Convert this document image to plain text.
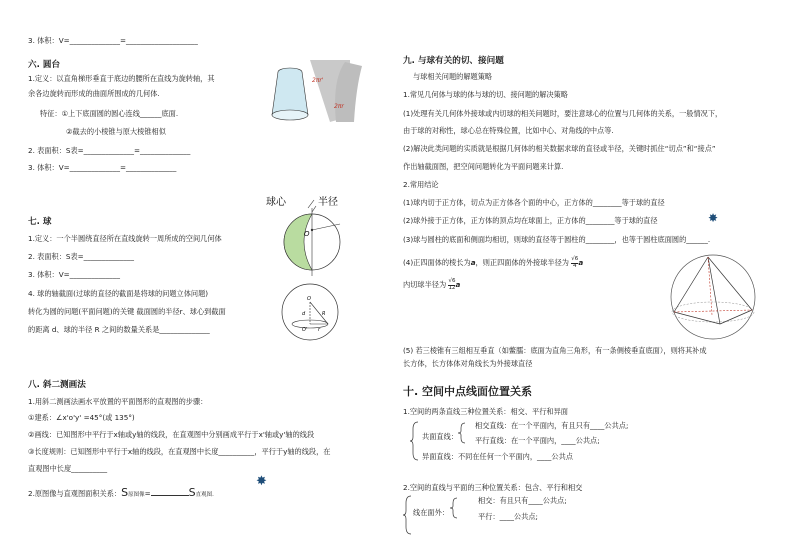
3. 体积：V=______________=____________________
六. 圆台
1.定义：以直角梯形垂直于底边的腰所在直线为旋转轴，其
余各边旋转而形成的曲面所围成的几何体.
特征：①上下底面圆的圆心连线______底面.
②截去的小棱锥与原大棱锥相似
2. 表面积：S表=______________=______________
3. 体积：V=______________=______________
2πr'
2πr
七. 球
1.定义：一个半圆绕直径所在直线旋转一周所成的空间几何体
2. 表面积：S表=______________
3. 体积：V=______________
4. 球的轴截面(过球的直径的截面是将球的问题立体问题)
转化为圆的问题(平面问题)的关键 截面圆的半径r、球心到截面
的距离 d、球的半径 R 之间的数量关系是______________
球心	半径
O
O
d	R
r
O'
八. 斜二测画法
1.用斜二测画法画水平放置的平面图形的直观图的步骤：
①建系：∠x'o'y' =45°(或 135°)
②画线：已知图形中平行于x轴或y轴的线段，在直观图中分别画成平行于x'轴或y'轴的线段
③长度规则：已知图形中平行于x轴的线段，在直观图中长度__________，平行于y轴的线段，在
直观图中长度__________
2.原图像与直观图面积关系：S原图像=	S直观图.
✸
九. 与球有关的切、接问题
与球相关问题的解题策略
1.常见几何体与球的体与球的切、接问题的解决策略
(1)处理有关几何体外接球或内切球的相关问题时，要注意球心的位置与几何体的关系，一般情况下，
由于球的对称性，球心总在特殊位置，比如中心、对角线的中点等.
(2)解决此类问题的实质就是根据几何体的相关数据求球的直径或半径，关键时抓住“切点”和“接点”
作出轴截面图，把空间问题转化为平面问题来计算.
2.常用结论
(1)球内切于正方体，切点为正方体各个面的中心，正方体的________等于球的直径
(2)球外接于正方体，正方体的顶点均在球面上，正方体的________等于球的直径	✸
(3)球与圆柱的底面和侧面均相切，则球的直径等于圆柱的________，也等于圆柱底面圆的______.
(4)正四面体的棱长为a，则正四面体的外接球半径为 $\frac{√6}{4}$ a
内切球半径为 $\frac{√6}{12}$ a
(5) 若三棱锥有三组相互垂直（如鳖臑：底面为直角三角形，有一条侧棱垂直底面），则将其补成
长方体，长方体体对角线长为外接球直径
十. 空间中点线面位置关系
1.空间的两条直线三种位置关系：相交、平行和异面
共面直线：
相交直线：在一个平面内，有且只有____公共点;
平行直线：在一个平面内，____公共点;
异面直线：不同在任何一个平面内，____公共点
2.空间的直线与平面的三种位置关系：包含、平行和相交
线在面外：
相交：有且只有____公共点;
平行：____公共点;
